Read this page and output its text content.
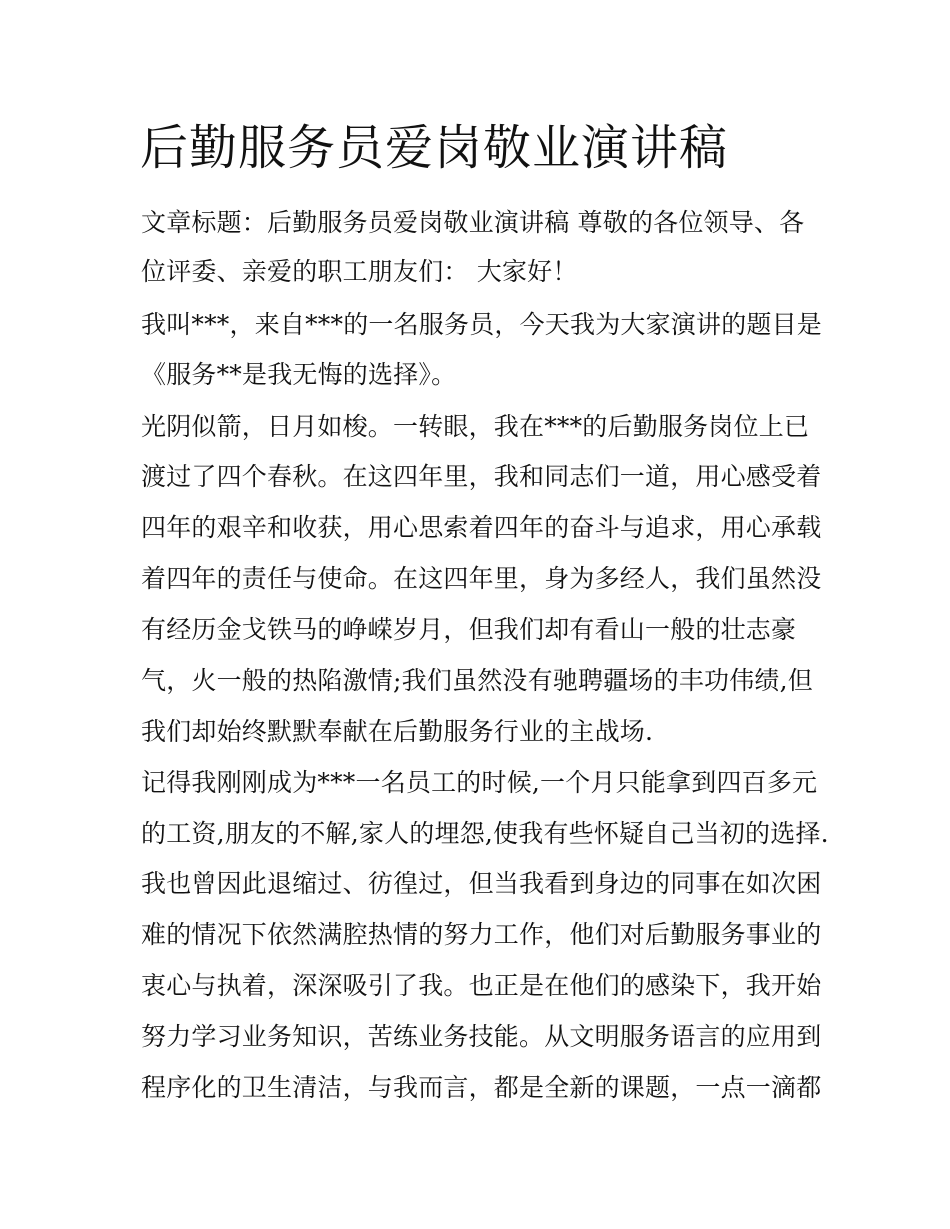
后勤服务员爱岗敬业演讲稿

文章标题：后勤服务员爱岗敬业演讲稿 尊敬的各位领导、各

位评委、亲爱的职工朋友们： 大家好！

我叫***，来自***的一名服务员，今天我为大家演讲的题目是

《服务**是我无悔的选择》。

光阴似箭，日月如梭。一转眼，我在***的后勤服务岗位上已

渡过了四个春秋。在这四年里，我和同志们一道，用心感受着

四年的艰辛和收获，用心思索着四年的奋斗与追求，用心承载

着四年的责任与使命。在这四年里，身为多经人，我们虽然没

有经历金戈铁马的峥嵘岁月，但我们却有看山一般的壮志豪

气，火一般的热陷激情;我们虽然没有驰聘疆场的丰功伟绩,但

我们却始终默默奉献在后勤服务行业的主战场.

记得我刚刚成为***一名员工的时候,一个月只能拿到四百多元

的工资,朋友的不解,家人的埋怨,使我有些怀疑自己当初的选择.

我也曾因此退缩过、彷徨过，但当我看到身边的同事在如次困

难的情况下依然满腔热情的努力工作，他们对后勤服务事业的

衷心与执着，深深吸引了我。也正是在他们的感染下，我开始

努力学习业务知识，苦练业务技能。从文明服务语言的应用到

程序化的卫生清洁，与我而言，都是全新的课题，一点一滴都
